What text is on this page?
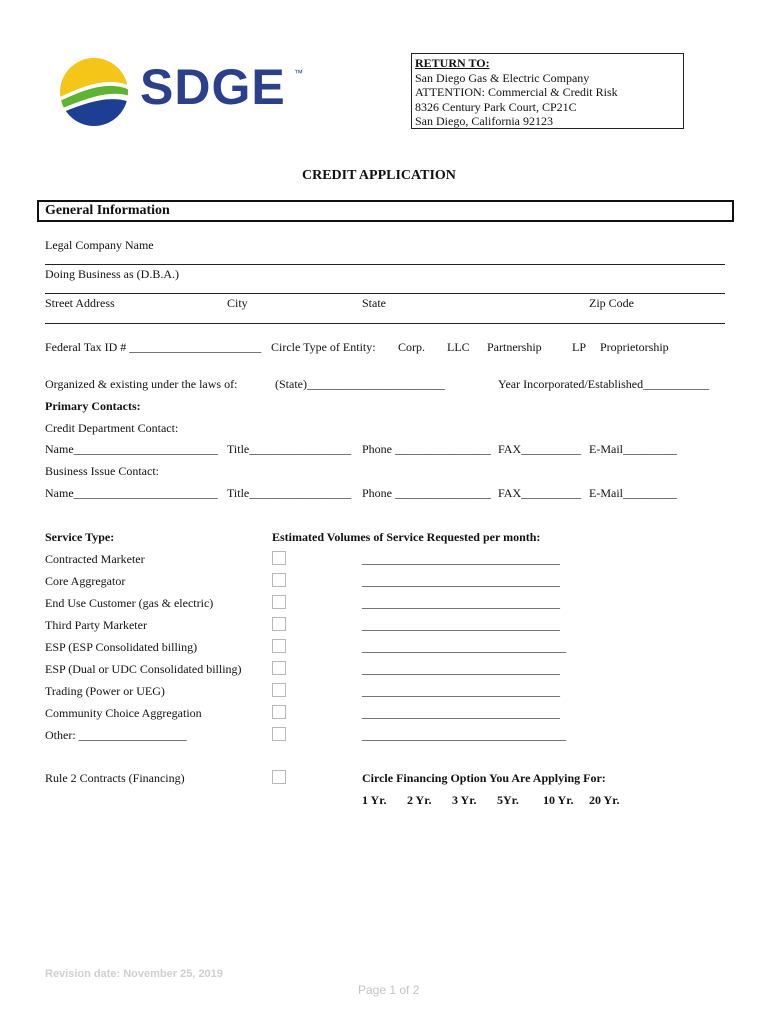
SDGE ™
RETURN TO:
San Diego Gas & Electric Company
ATTENTION: Commercial & Credit Risk
8326 Century Park Court, CP21C
San Diego, California 92123
CREDIT APPLICATION
General Information
Legal Company Name
Doing Business as (D.B.A.)
Street Address	City	State	Zip Code
Federal Tax ID # ______________________ Circle Type of Entity: Corp. LLC Partnership	LP Proprietorship
Organized & existing under the laws of:	(State)_______________________	Year Incorporated/Established___________
Primary Contacts:
Credit Department Contact:
Name________________________ Title_________________ Phone ________________ FAX__________ E-Mail_________
Business Issue Contact:
Name________________________ Title_________________ Phone ________________ FAX__________ E-Mail_________
Service Type:	Estimated Volumes of Service Requested per month:
Contracted Marketer	_________________________________
Core Aggregator	_________________________________
End Use Customer (gas & electric)	_________________________________
Third Party Marketer	_________________________________
ESP (ESP Consolidated billing)	__________________________________
ESP (Dual or UDC Consolidated billing)	_________________________________
Trading (Power or UEG)	_________________________________
Community Choice Aggregation	_________________________________
Other: __________________	__________________________________
Rule 2 Contracts (Financing)	Circle Financing Option You Are Applying For:
1 Yr. 2 Yr. 3 Yr. 5Yr. 10 Yr. 20 Yr.
Revision date: November 25, 2019
Page 1 of 2
